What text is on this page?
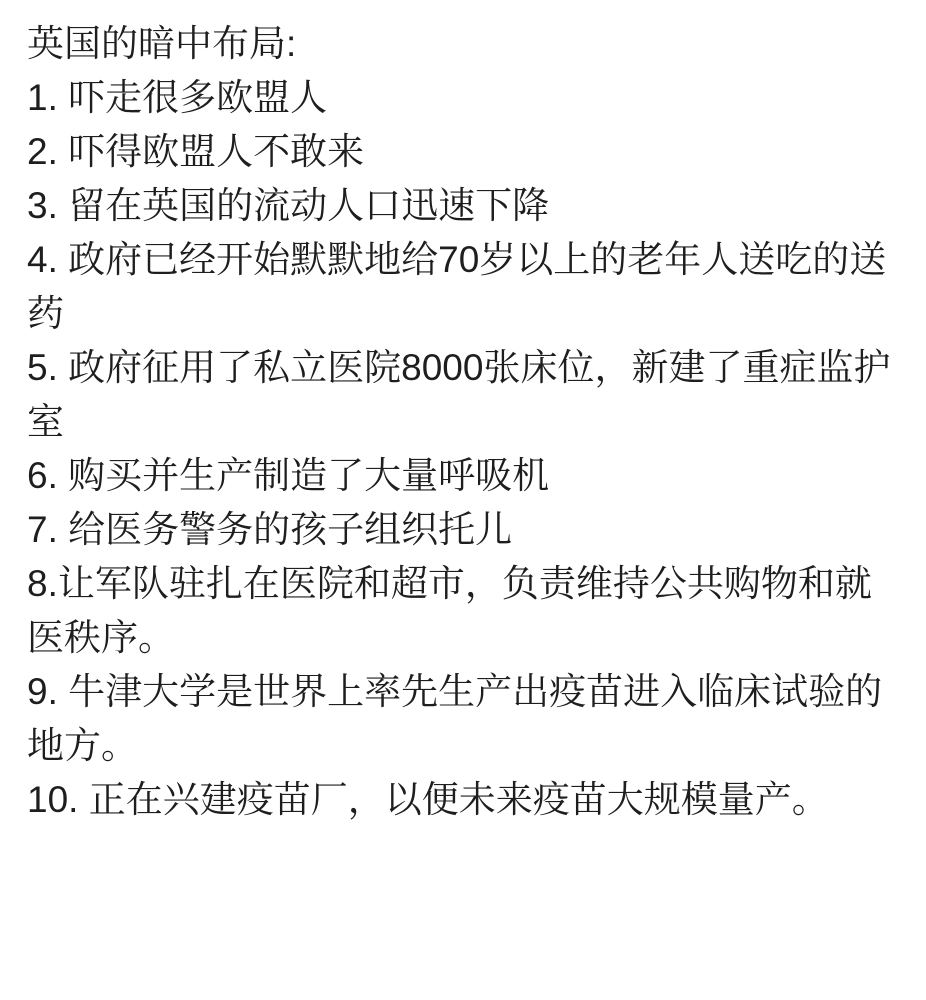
英国的暗中布局:

1. 吓走很多欧盟人

2. 吓得欧盟人不敢来

3. 留在英国的流动人口迅速下降

4. 政府已经开始默默地给70岁以上的老年人送吃的送药

5. 政府征用了私立医院8000张床位，新建了重症监护室

6. 购买并生产制造了大量呼吸机

7. 给医务警务的孩子组织托儿

8.让军队驻扎在医院和超市，负责维持公共购物和就医秩序。

9. 牛津大学是世界上率先生产出疫苗进入临床试验的地方。

10. 正在兴建疫苗厂，以便未来疫苗大规模量产。
